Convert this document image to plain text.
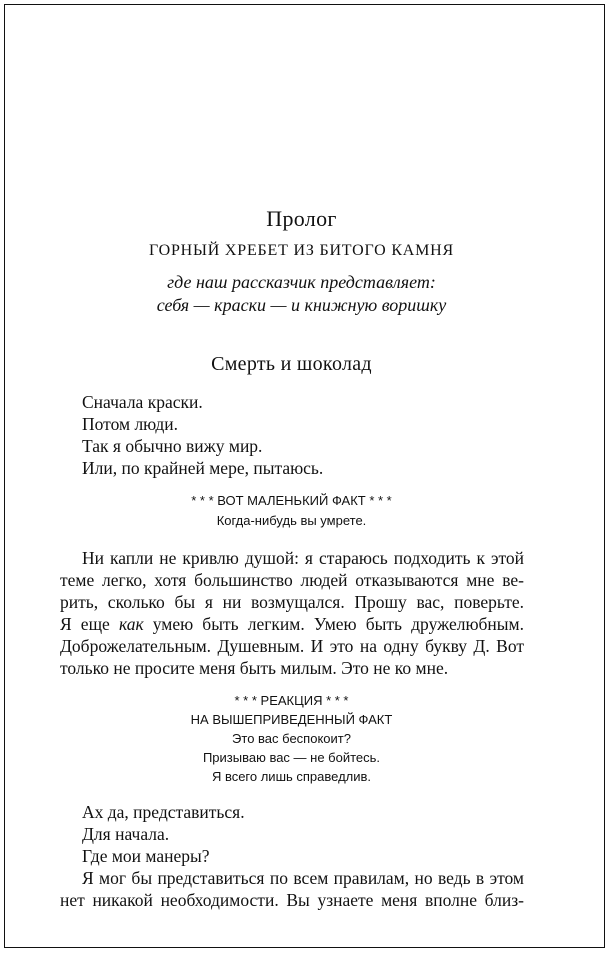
Пролог
ГОРНЫЙ ХРЕБЕТ ИЗ БИТОГО КАМНЯ
где наш рассказчик представляет:
себя — краски — и книжную воришку
Смерть и шоколад
Сначала краски.
Потом люди.
Так я обычно вижу мир.
Или, по крайней мере, пытаюсь.
* * * ВОТ МАЛЕНЬКИЙ ФАКТ * * *
Когда-нибудь вы умрете.
Ни капли не кривлю душой: я стараюсь подходить к этой
теме легко, хотя большинство людей отказываются мне ве-
рить, сколько бы я ни возмущался. Прошу вас, поверьте.
Я еще как умею быть легким. Умею быть дружелюбным.
Доброжелательным. Душевным. И это на одну букву Д. Вот
только не просите меня быть милым. Это не ко мне.
* * * РЕАКЦИЯ * * *
НА ВЫШЕПРИВЕДЕННЫЙ ФАКТ
Это вас беспокоит?
Призываю вас — не бойтесь.
Я всего лишь справедлив.
Ах да, представиться.
Для начала.
Где мои манеры?
Я мог бы представиться по всем правилам, но ведь в этом
нет никакой необходимости. Вы узнаете меня вполне близ-
